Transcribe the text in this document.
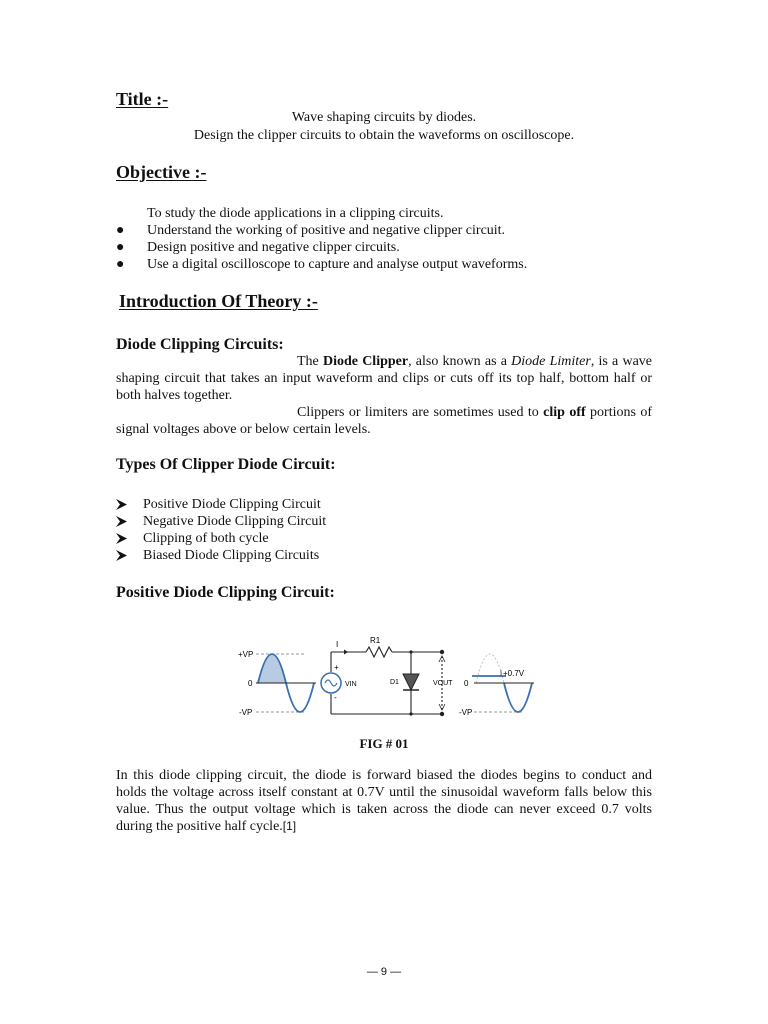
Title :-
Wave shaping circuits by diodes.
Design the clipper circuits to obtain the waveforms on oscilloscope.
Objective :-
To study the diode applications in a clipping circuits.
● Understand the working of positive and negative clipper circuit.
● Design positive and negative clipper circuits.
● Use a digital oscilloscope to capture and analyse output waveforms.
Introduction Of Theory :-
Diode Clipping Circuits:
The Diode Clipper, also known as a Diode Limiter, is a wave shaping circuit that takes an input waveform and clips or cuts off its top half, bottom half or both halves together.
Clippers or limiters are sometimes used to clip off portions of signal voltages above or below certain levels.
Types Of Clipper Diode Circuit:
Positive Diode Clipping Circuit
Negative Diode Clipping Circuit
Clipping of both cycle
Biased Diode Clipping Circuits
Positive Diode Clipping Circuit:
+VP
0
-VP
I	R1
+
-
VIN	D1	VOUT 0
-VP
+0.7V
FIG # 01
In this diode clipping circuit, the diode is forward biased the diodes begins to conduct and holds the voltage across itself constant at 0.7V until the sinusoidal waveform falls below this value. Thus the output voltage which is taken across the diode can never exceed 0.7 volts during the positive half cycle.[1]
— 9 —
